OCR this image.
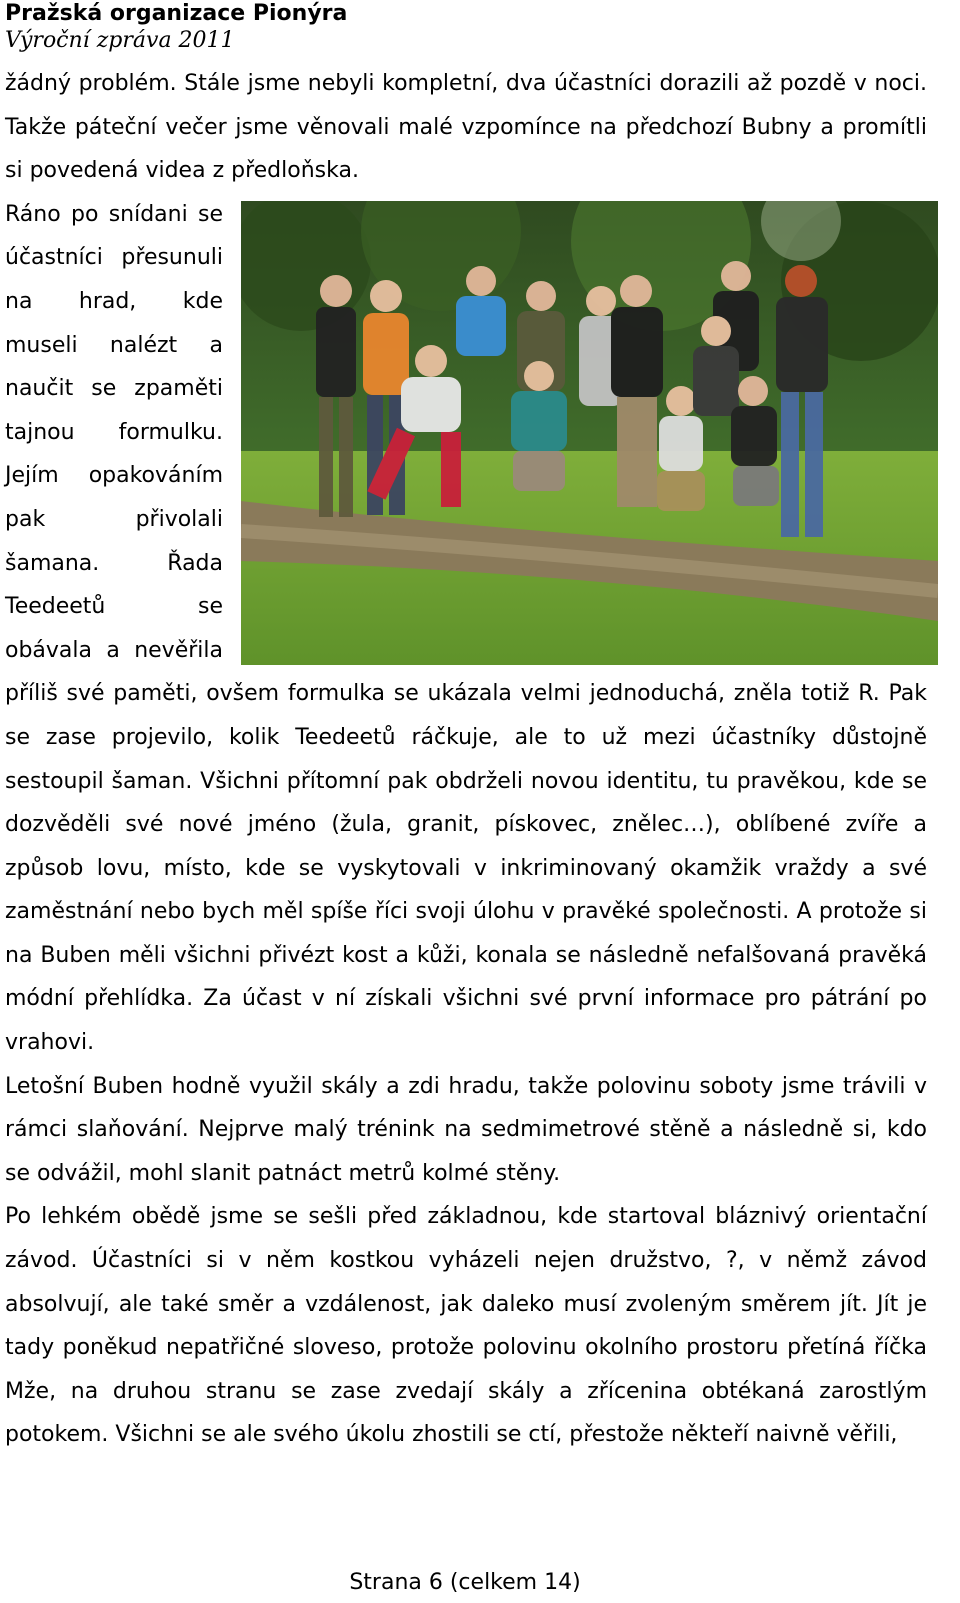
Pražská organizace Pionýra
Výroční zpráva 2011

žádný problém. Stále jsme nebyli kompletní, dva účastníci dorazili až pozdě v noci. Takže páteční večer jsme věnovali malé vzpomínce na předchozí Bubny a promítli si povedená videa z předloňska.

Ráno po snídani se účastníci přesunuli na hrad, kde museli nalézt a naučit se zpaměti tajnou formulku. Jejím opakováním pak přivolali šamana. Řada Teedeetů se obávala a nevěřila příliš své paměti, ovšem formulka se ukázala velmi jednoduchá, zněla totiž R. Pak se zase projevilo, kolik Teedeetů ráčkuje, ale to už mezi účastníky důstojně sestoupil šaman. Všichni přítomní pak obdrželi novou identitu, tu pravěkou, kde se dozvěděli své nové jméno (žula, granit, pískovec, znělec…), oblíbené zvíře a způsob lovu, místo, kde se vyskytovali v inkriminovaný okamžik vraždy a své zaměstnání nebo bych měl spíše říci svoji úlohu v pravěké společnosti. A protože si na Buben měli všichni přivézt kost a kůži, konala se následně nefalšovaná pravěká módní přehlídka. Za účast v ní získali všichni své první informace pro pátrání po vrahovi.

Letošní Buben hodně využil skály a zdi hradu, takže polovinu soboty jsme trávili v rámci slaňování. Nejprve malý trénink na sedmimetrové stěně a následně si, kdo se odvážil, mohl slanit patnáct metrů kolmé stěny.

Po lehkém obědě jsme se sešli před základnou, kde startoval bláznivý orientační závod. Účastníci si v něm kostkou vyházeli nejen družstvo, ?, v němž závod absolvují, ale také směr a vzdálenost, jak daleko musí zvoleným směrem jít. Jít je tady poněkud nepatřičné sloveso, protože polovinu okolního prostoru přetíná říčka Mže, na druhou stranu se zase zvedají skály a zřícenina obtékaná zarostlým potokem. Všichni se ale svého úkolu zhostili se ctí, přestože někteří naivně věřili,

Strana 6 (celkem 14)
